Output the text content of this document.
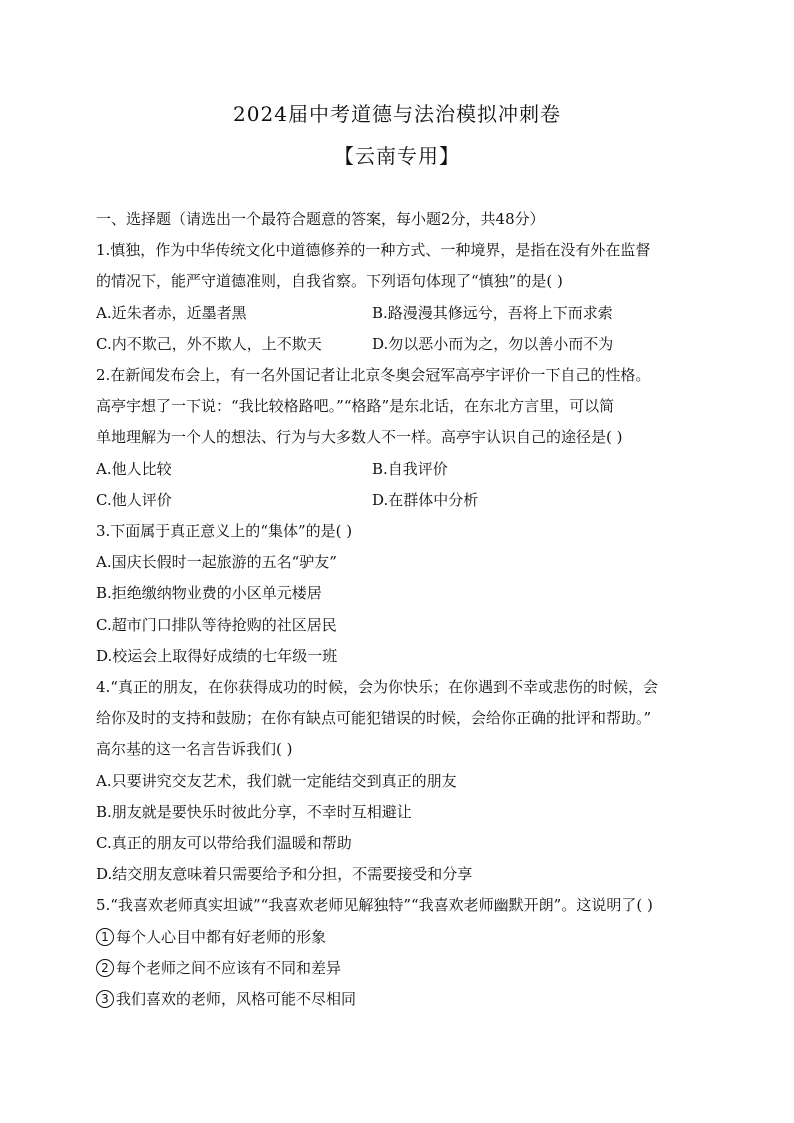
2024届中考道德与法治模拟冲刺卷
【云南专用】
一、选择题（请选出一个最符合题意的答案，每小题2分，共48分）
1.慎独，作为中华传统文化中道德修养的一种方式、一种境界，是指在没有外在监督
的情况下，能严守道德准则，自我省察。下列语句体现了“慎独”的是( )
A.近朱者赤，近墨者黑	B.路漫漫其修远兮，吾将上下而求索
C.内不欺己，外不欺人，上不欺天	D.勿以恶小而为之，勿以善小而不为
2.在新闻发布会上，有一名外国记者让北京冬奥会冠军高亭宇评价一下自己的性格。
高亭宇想了一下说：“我比较格路吧。”“格路”是东北话，在东北方言里，可以简
单地理解为一个人的想法、行为与大多数人不一样。高亭宇认识自己的途径是( )
A.他人比较	B.自我评价
C.他人评价	D.在群体中分析
3.下面属于真正意义上的“集体”的是( )
A.国庆长假时一起旅游的五名“驴友”
B.拒绝缴纳物业费的小区单元楼居
C.超市门口排队等待抢购的社区居民
D.校运会上取得好成绩的七年级一班
4.“真正的朋友，在你获得成功的时候，会为你快乐；在你遇到不幸或悲伤的时候，会
给你及时的支持和鼓励；在你有缺点可能犯错误的时候，会给你正确的批评和帮助。”
高尔基的这一名言告诉我们( )
A.只要讲究交友艺术，我们就一定能结交到真正的朋友
B.朋友就是要快乐时彼此分享，不幸时互相避让
C.真正的朋友可以带给我们温暖和帮助
D.结交朋友意味着只需要给予和分担，不需要接受和分享
5.“我喜欢老师真实坦诚”“我喜欢老师见解独特”“我喜欢老师幽默开朗”。这说明了( )
1 每个人心目中都有好老师的形象
2 每个老师之间不应该有不同和差异
3 我们喜欢的老师，风格可能不尽相同
